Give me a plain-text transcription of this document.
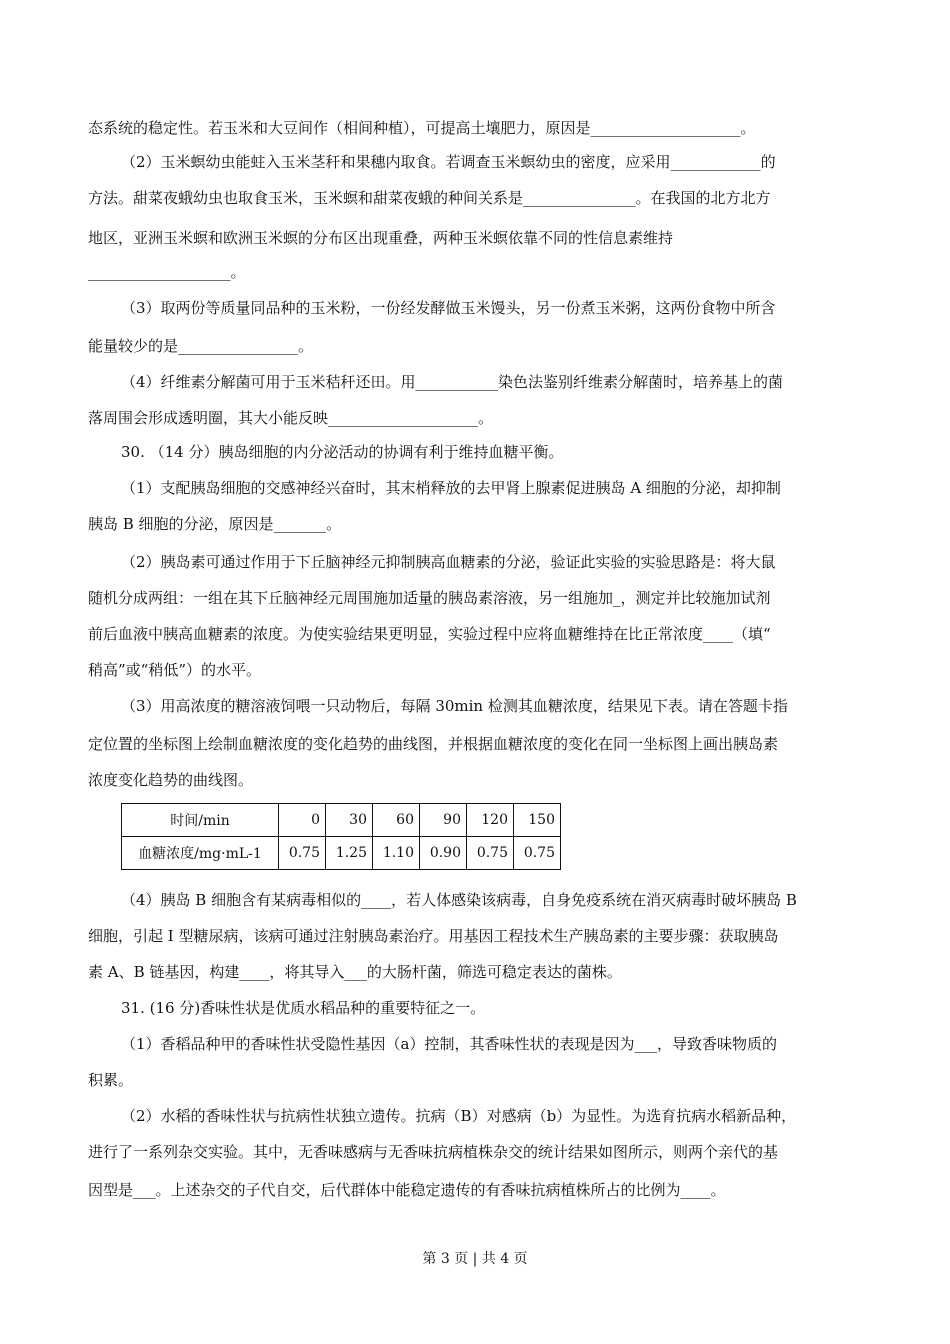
态系统的稳定性。若玉米和大豆间作（相间种植），可提高土壤肥力，原因是____________________。
（2）玉米螟幼虫能蛀入玉米茎秆和果穗内取食。若调查玉米螟幼虫的密度，应采用____________的
方法。甜菜夜蛾幼虫也取食玉米，玉米螟和甜菜夜蛾的种间关系是_______________。在我国的北方北方
地区，亚洲玉米螟和欧洲玉米螟的分布区出现重叠，两种玉米螟依靠不同的性信息素维持
___________________。
（3）取两份等质量同品种的玉米粉，一份经发酵做玉米馒头，另一份煮玉米粥，这两份食物中所含
能量较少的是________________。
（4）纤维素分解菌可用于玉米秸秆还田。用___________染色法鉴别纤维素分解菌时，培养基上的菌
落周围会形成透明圈，其大小能反映____________________。
30. （14 分）胰岛细胞的内分泌活动的协调有利于维持血糖平衡。
（1）支配胰岛细胞的交感神经兴奋时，其末梢释放的去甲肾上腺素促进胰岛 A 细胞的分泌，却抑制
胰岛 B 细胞的分泌，原因是_______。
（2）胰岛素可通过作用于下丘脑神经元抑制胰高血糖素的分泌，验证此实验的实验思路是：将大鼠
随机分成两组：一组在其下丘脑神经元周围施加适量的胰岛素溶液，另一组施加_，测定并比较施加试剂
前后血液中胰高血糖素的浓度。为使实验结果更明显，实验过程中应将血糖维持在比正常浓度____（填“
稍高”或“稍低”）的水平。
（3）用高浓度的糖溶液饲喂一只动物后，每隔 30min 检测其血糖浓度，结果见下表。请在答题卡指
定位置的坐标图上绘制血糖浓度的变化趋势的曲线图，并根据血糖浓度的变化在同一坐标图上画出胰岛素
浓度变化趋势的曲线图。
时间/min	0	30	60	90	120	150
血糖浓度/mg·mL-1	0.75	1.25	1.10	0.90	0.75	0.75
（4）胰岛 B 细胞含有某病毒相似的____，若人体感染该病毒，自身免疫系统在消灭病毒时破坏胰岛 B
细胞，引起 I 型糖尿病，该病可通过注射胰岛素治疗。用基因工程技术生产胰岛素的主要步骤：获取胰岛
素 A、B 链基因，构建____，将其导入___的大肠杆菌，筛选可稳定表达的菌株。
31. (16 分)香味性状是优质水稻品种的重要特征之一。
（1）香稻品种甲的香味性状受隐性基因（a）控制，其香味性状的表现是因为___，导致香味物质的
积累。
（2）水稻的香味性状与抗病性状独立遗传。抗病（B）对感病（b）为显性。为选育抗病水稻新品种，
进行了一系列杂交实验。其中，无香味感病与无香味抗病植株杂交的统计结果如图所示，则两个亲代的基
因型是___。上述杂交的子代自交，后代群体中能稳定遗传的有香味抗病植株所占的比例为____。
第 3 页 | 共 4 页
